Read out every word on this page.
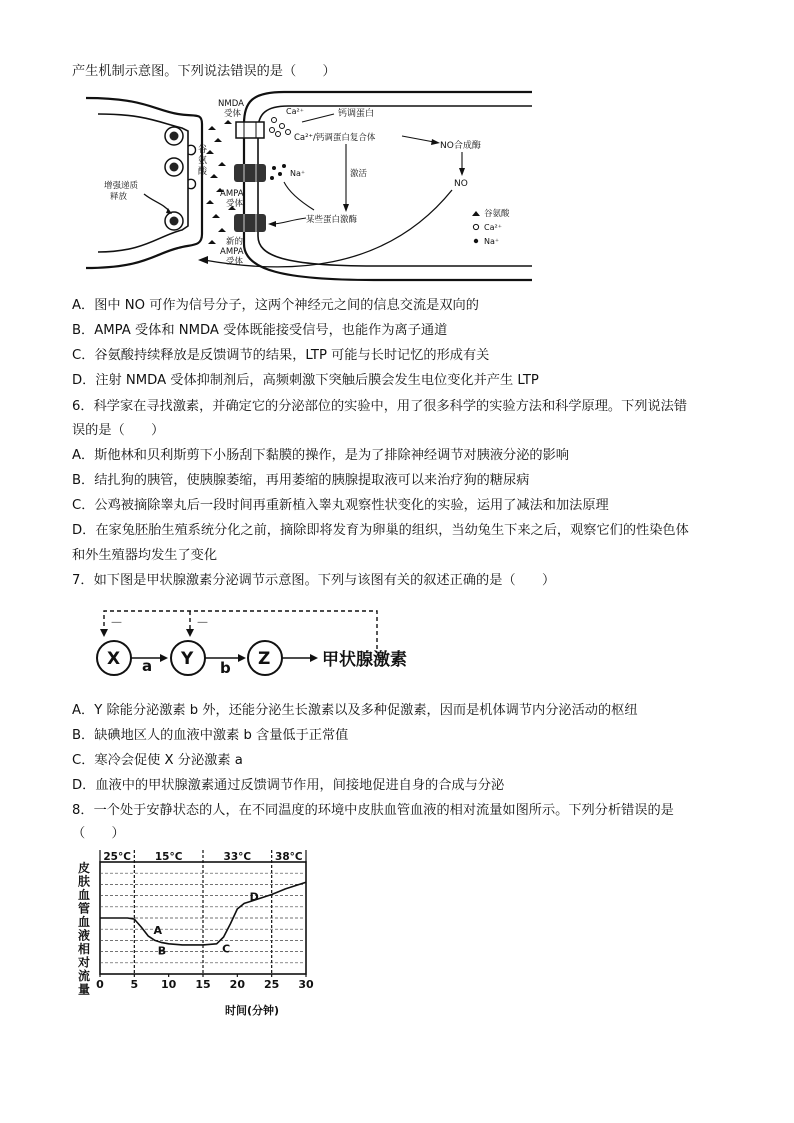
产生机制示意图。下列说法错误的是（　　）
谷氨酸
增强递质释放
NMDA 受体
AMPA 受体
新的 AMPA 受体
Ca²⁺
Na⁺
钙调蛋白
Ca²⁺/钙调蛋白复合体
NO合成酶
NO
激活
某些蛋白激酶
谷氨酸
Ca²⁺
Na⁺
A．图中 NO 可作为信号分子，这两个神经元之间的信息交流是双向的
B．AMPA 受体和 NMDA 受体既能接受信号，也能作为离子通道
C．谷氨酸持续释放是反馈调节的结果，LTP 可能与长时记忆的形成有关
D．注射 NMDA 受体抑制剂后，高频刺激下突触后膜会发生电位变化并产生 LTP
6．科学家在寻找激素，并确定它的分泌部位的实验中，用了很多科学的实验方法和科学原理。下列说法错
误的是（　　）
A．斯他林和贝利斯剪下小肠刮下黏膜的操作，是为了排除神经调节对胰液分泌的影响
B．结扎狗的胰管，使胰腺萎缩，再用萎缩的胰腺提取液可以来治疗狗的糖尿病
C．公鸡被摘除睾丸后一段时间再重新植入睾丸观察性状变化的实验，运用了减法和加法原理
D．在家兔胚胎生殖系统分化之前，摘除即将发育为卵巢的组织，当幼兔生下来之后，观察它们的性染色体
和外生殖器均发生了变化
7．如下图是甲状腺激素分泌调节示意图。下列与该图有关的叙述正确的是（　　）
－	－
X a Y b Z	甲状腺激素
A．Y 除能分泌激素 b 外，还能分泌生长激素以及多种促激素，因而是机体调节内分泌活动的枢纽
B．缺碘地区人的血液中激素 b 含量低于正常值
C．寒冷会促使 X 分泌激素 a
D．血液中的甲状腺激素通过反馈调节作用，间接地促进自身的合成与分泌
8．一个处于安静状态的人，在不同温度的环境中皮肤血管血液的相对流量如图所示。下列分析错误的是
（　　）
皮
肤
血
管
血
液
相
对
流
量
25°C 15°C	33°C 38°C
A
B	C
D
0 5 10 15 20 25 30
时间(分钟)
